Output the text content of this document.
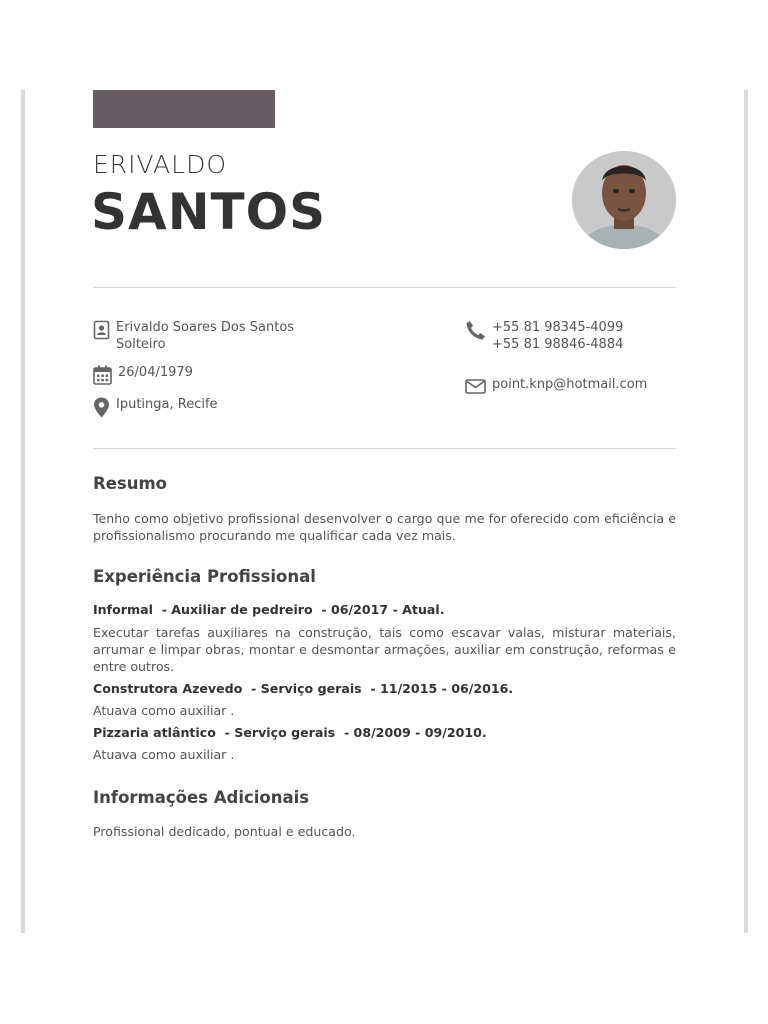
ERIVALDO
SANTOS
Erivaldo Soares Dos Santos
Solteiro
26/04/1979
Iputinga, Recife
+55 81 98345-4099
+55 81 98846-4884
point.knp@hotmail.com
Resumo
Tenho como objetivo profissional desenvolver o cargo que me for oferecido com eficiência e profissionalismo procurando me qualificar cada vez mais.
Experiência Profissional
Informal  - Auxiliar de pedreiro  - 06/2017 - Atual.
Executar tarefas auxiliares na construção, tais como escavar valas, misturar materiais, arrumar e limpar obras, montar e desmontar armações, auxiliar em construção, reformas e entre outros.
Construtora Azevedo  - Serviço gerais  - 11/2015 - 06/2016.
Atuava como auxiliar .
Pizzaria atlântico  - Serviço gerais  - 08/2009 - 09/2010.
Atuava como auxiliar .
Informações Adicionais
Profissional dedicado, pontual e educado.
